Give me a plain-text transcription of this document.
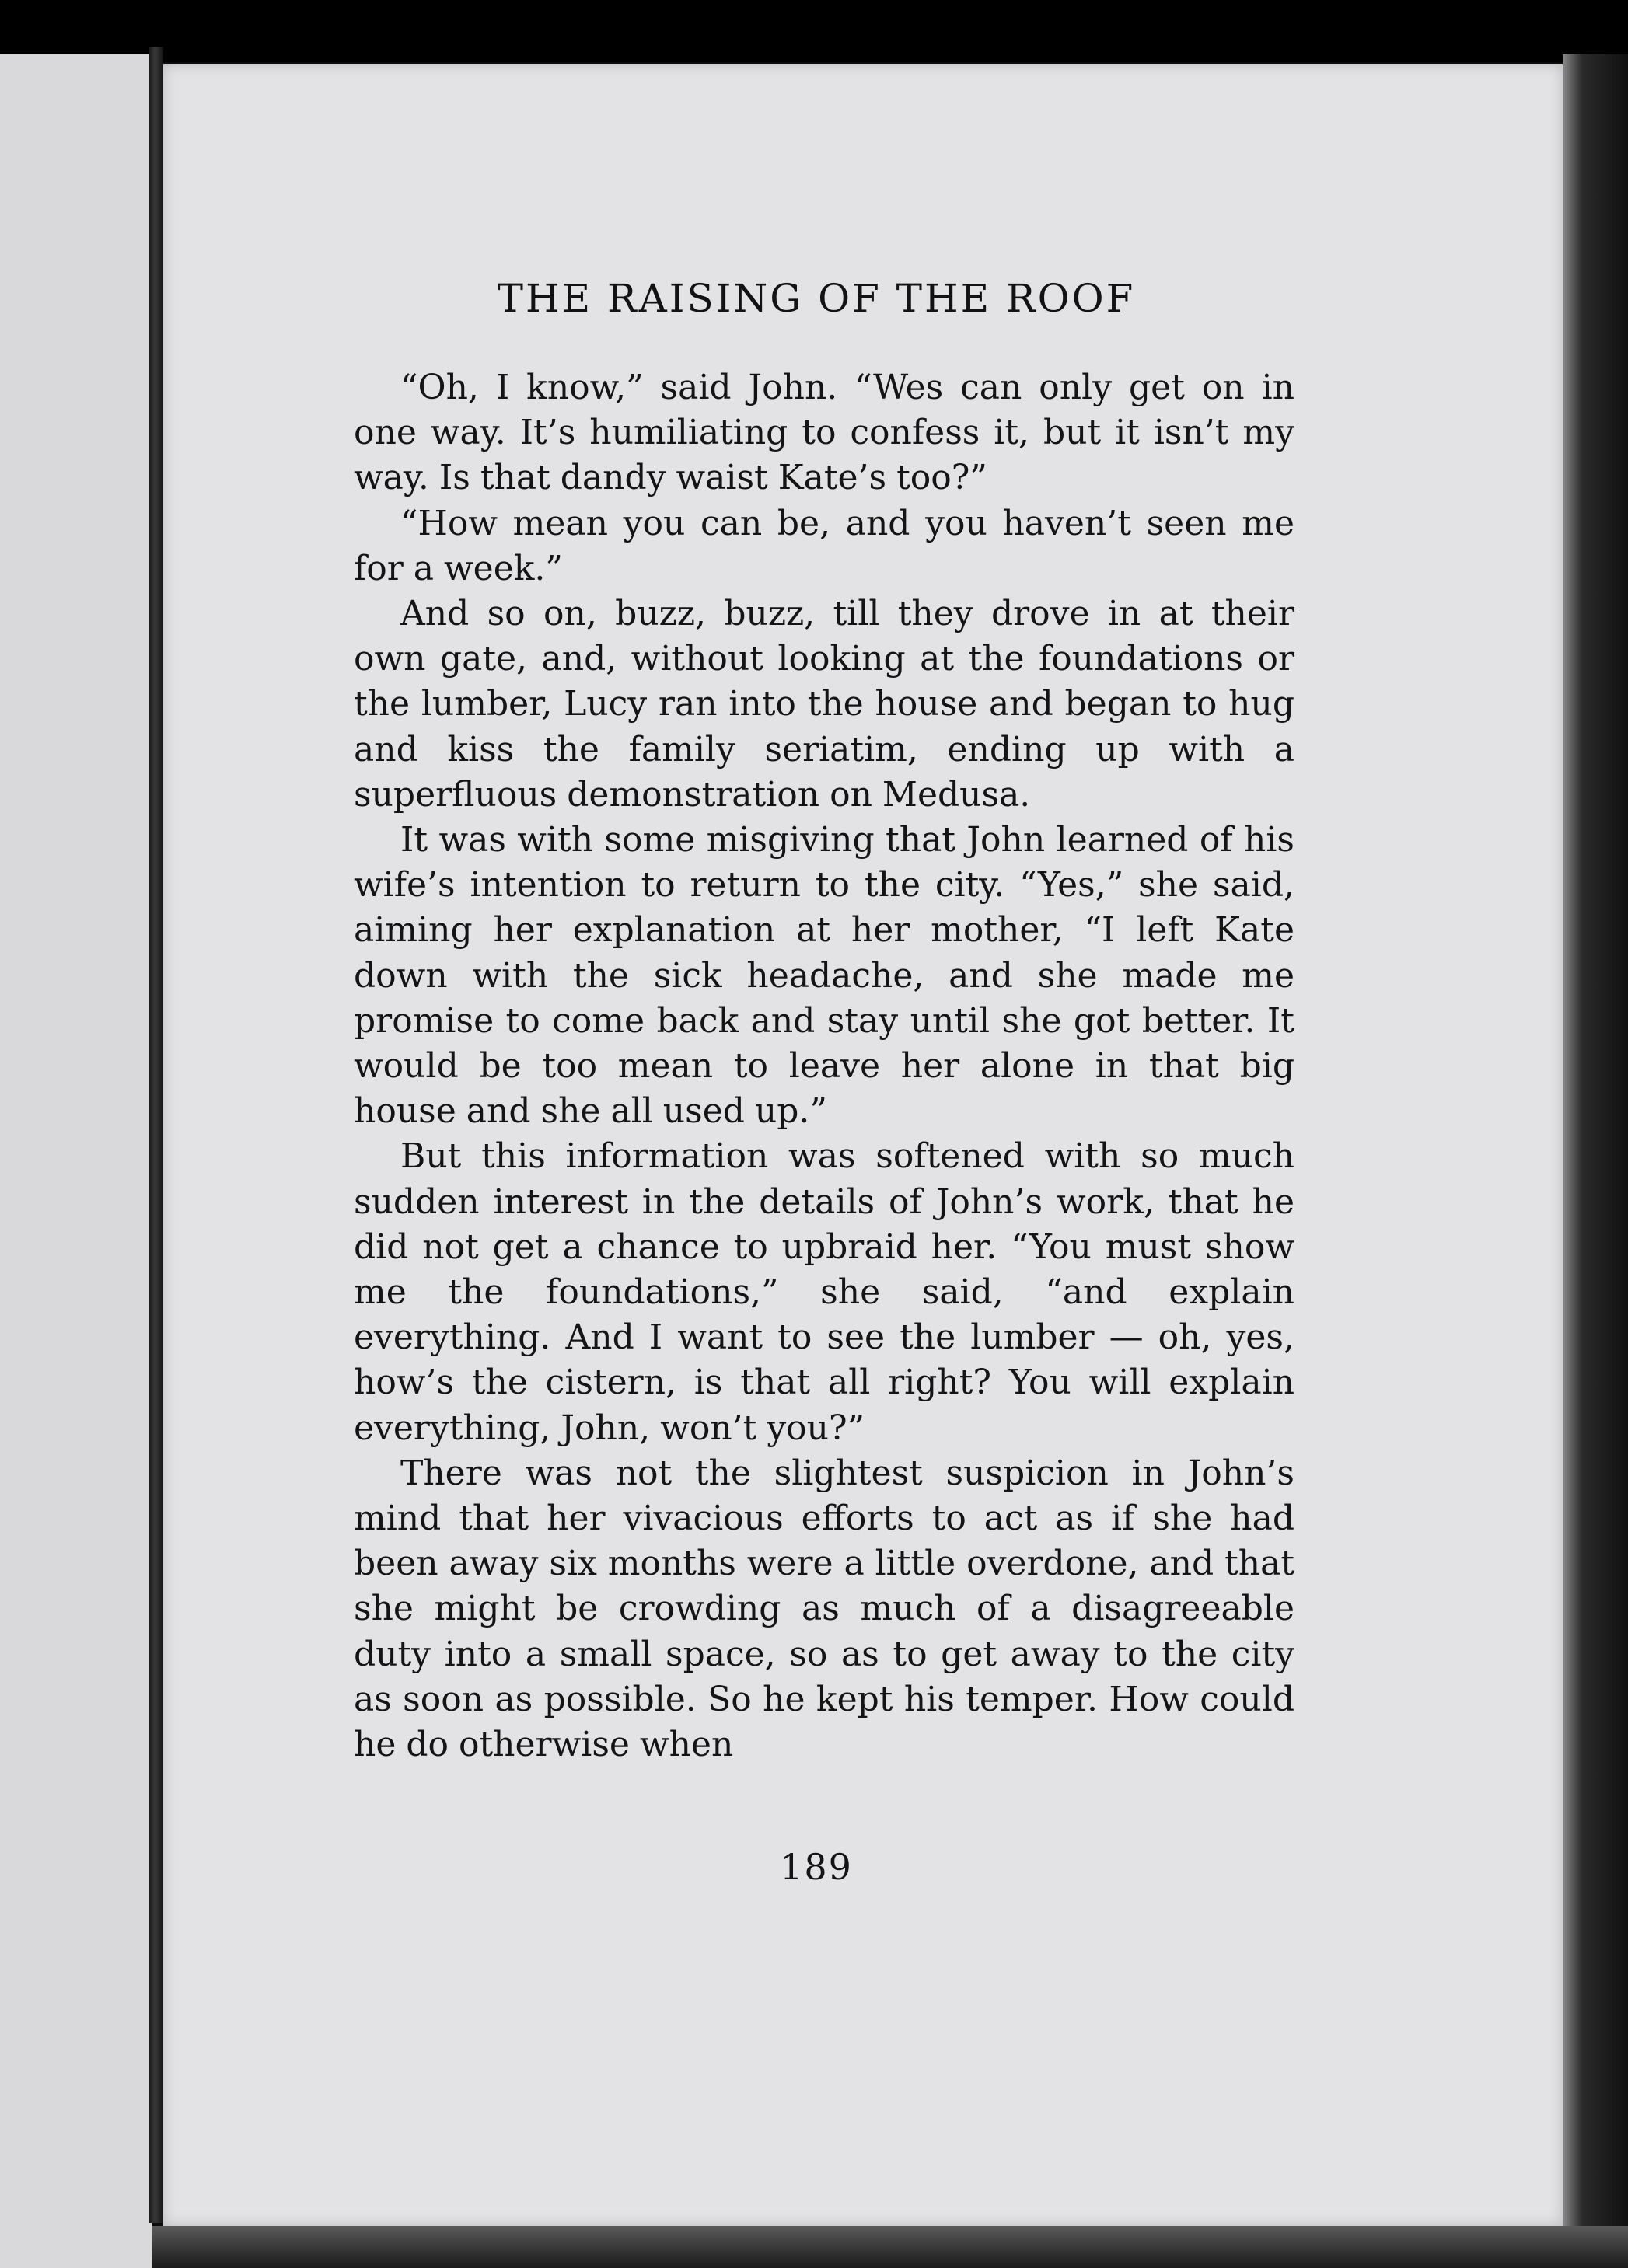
THE RAISING OF THE ROOF

“Oh, I know,” said John. “Wes can only get on in one way. It’s humiliating to confess it, but it isn’t my way. Is that dandy waist Kate’s too?”

“How mean you can be, and you haven’t seen me for a week.”

And so on, buzz, buzz, till they drove in at their own gate, and, without looking at the foundations or the lumber, Lucy ran into the house and began to hug and kiss the family seriatim, ending up with a superfluous demonstration on Medusa.

It was with some misgiving that John learned of his wife’s intention to return to the city. “Yes,” she said, aiming her explanation at her mother, “I left Kate down with the sick headache, and she made me promise to come back and stay until she got better. It would be too mean to leave her alone in that big house and she all used up.”

But this information was softened with so much sudden interest in the details of John’s work, that he did not get a chance to upbraid her. “You must show me the foundations,” she said, “and explain everything. And I want to see the lumber — oh, yes, how’s the cistern, is that all right? You will explain everything, John, won’t you?”

There was not the slightest suspicion in John’s mind that her vivacious efforts to act as if she had been away six months were a little overdone, and that she might be crowding as much of a disagreeable duty into a small space, so as to get away to the city as soon as possible. So he kept his temper. How could he do otherwise when

189
